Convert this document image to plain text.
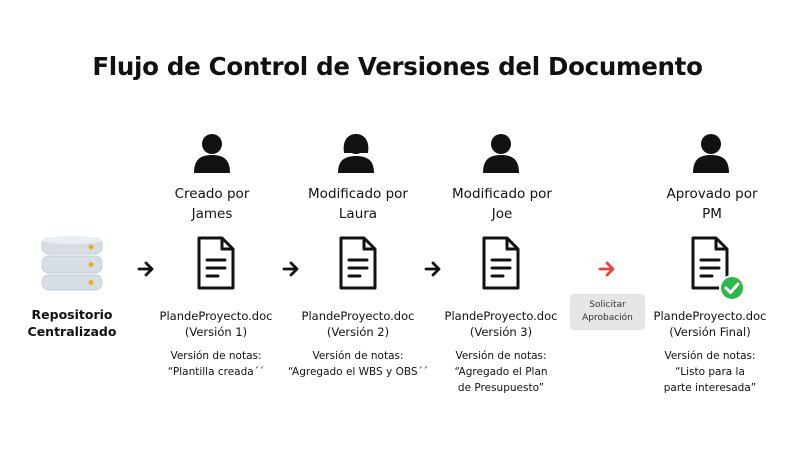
Flujo de Control de Versiones del Documento
Repositorio
Centralizado
Solicitar
Aprobación
Creado por
James
PlandeProyecto.doc
(Versión 1)
Versión de notas:
“Plantilla creada´´
Modificado por
Laura
PlandeProyecto.doc
(Versión 2)
Versión de notas:
“Agregado el WBS y OBS´´
Modificado por
Joe
PlandeProyecto.doc
(Versión 3)
Versión de notas:
“Agregado el Plan
de Presupuesto”
Aprovado por
PM
PlandeProyecto.doc
(Versión Final)
Versión de notas:
“Listo para la
parte interesada”
